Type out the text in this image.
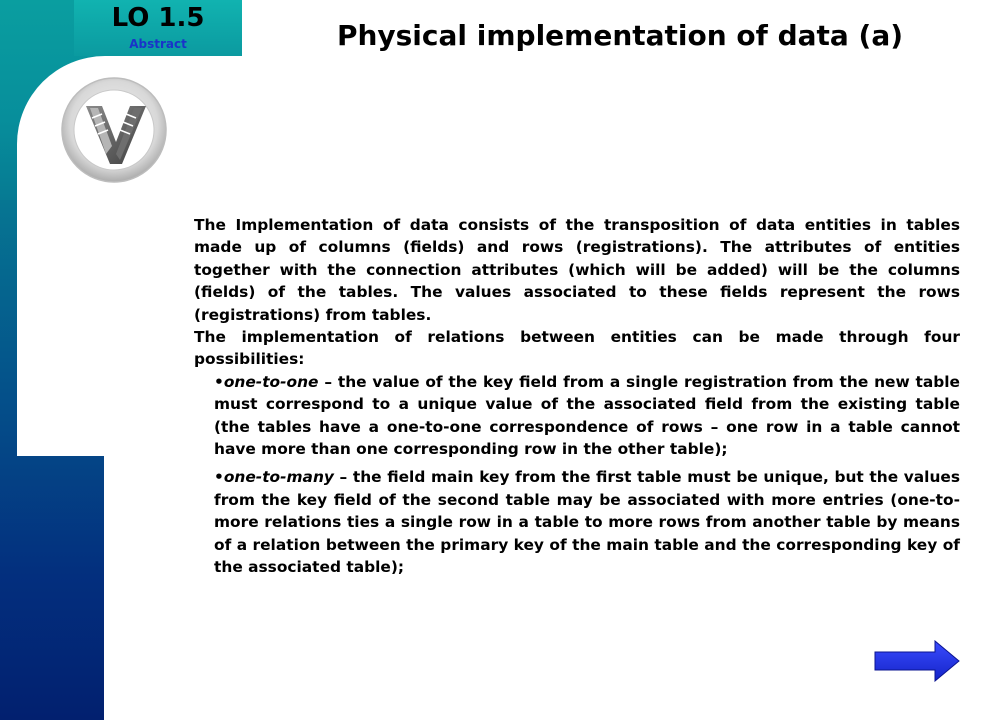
LO 1.5
Abstract	Physical implementation of data (a)

The Implementation of data consists of the transposition of data entities in tables made up of columns (fields) and rows (registrations). The attributes of entities together with the connection attributes (which will be added) will be the columns (fields) of the tables. The values associated to these fields represent the rows (registrations) from tables.

The implementation of relations between entities can be made through four possibilities:

•one-to-one – the value of the key field from a single registration from the new table must correspond to a unique value of the associated field from the existing table (the tables have a one-to-one correspondence of rows – one row in a table cannot have more than one corresponding row in the other table);

•one-to-many – the field main key from the first table must be unique, but the values from the key field of the second table may be associated with more entries (one-to-more relations ties a single row in a table to more rows from another table by means of a relation between the primary key of the main table and the corresponding key of the associated table);
